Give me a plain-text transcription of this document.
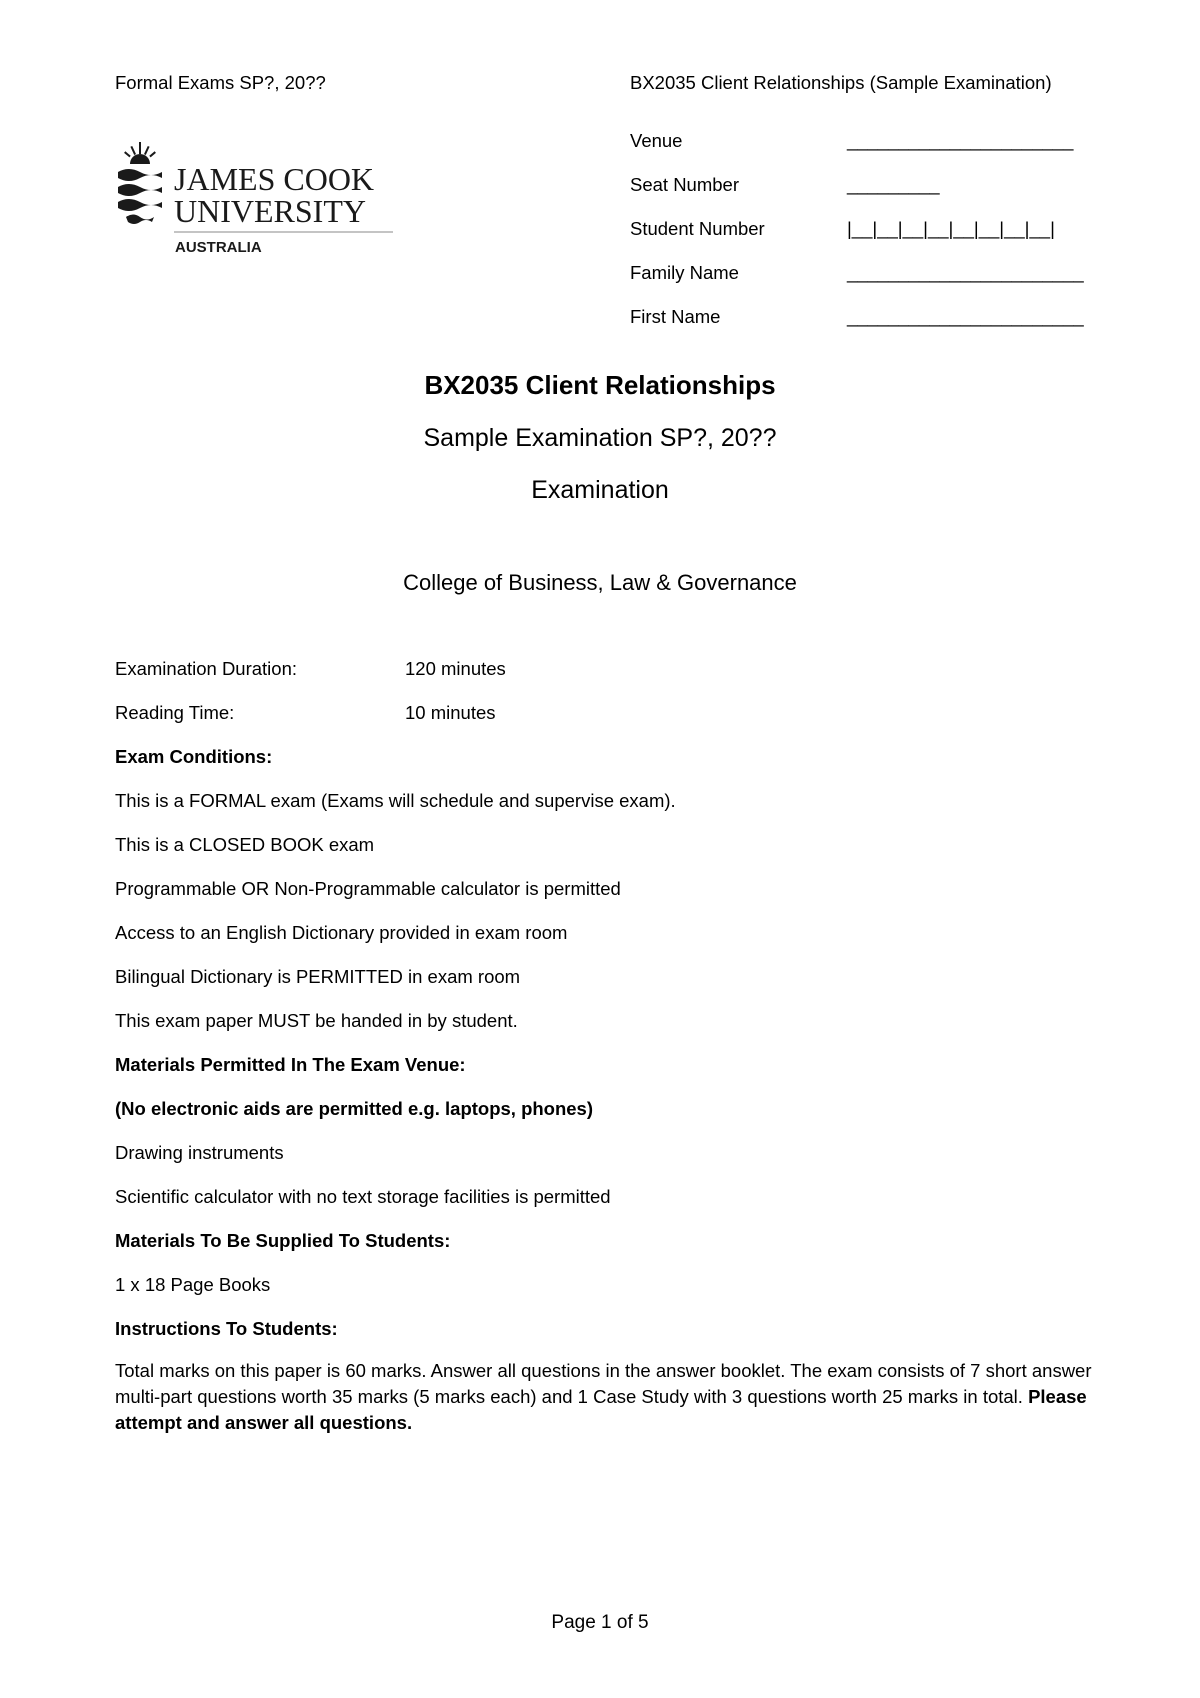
Formal Exams SP?, 20??	BX2035 Client Relationships (Sample Examination)
JAMES COOK
UNIVERSITY
AUSTRALIA
Venue	______________________
Seat Number	_________
Student Number	|__|__|__|__|__|__|__|__|
Family Name	_______________________
First Name	_______________________
BX2035 Client Relationships
Sample Examination SP?, 20??
Examination
College of Business, Law & Governance
Examination Duration:	120 minutes
Reading Time:	10 minutes
Exam Conditions:
This is a FORMAL exam (Exams will schedule and supervise exam).
This is a CLOSED BOOK exam
Programmable OR Non-Programmable calculator is permitted
Access to an English Dictionary provided in exam room
Bilingual Dictionary is PERMITTED in exam room
This exam paper MUST be handed in by student.
Materials Permitted In The Exam Venue:
(No electronic aids are permitted e.g. laptops, phones)
Drawing instruments
Scientific calculator with no text storage facilities is permitted
Materials To Be Supplied To Students:
1 x 18 Page Books
Instructions To Students:
Total marks on this paper is 60 marks. Answer all questions in the answer booklet. The exam consists of 7 short answer multi-part questions worth 35 marks (5 marks each) and 1 Case Study with 3 questions worth 25 marks in total. Please attempt and answer all questions.
Page 1 of 5
